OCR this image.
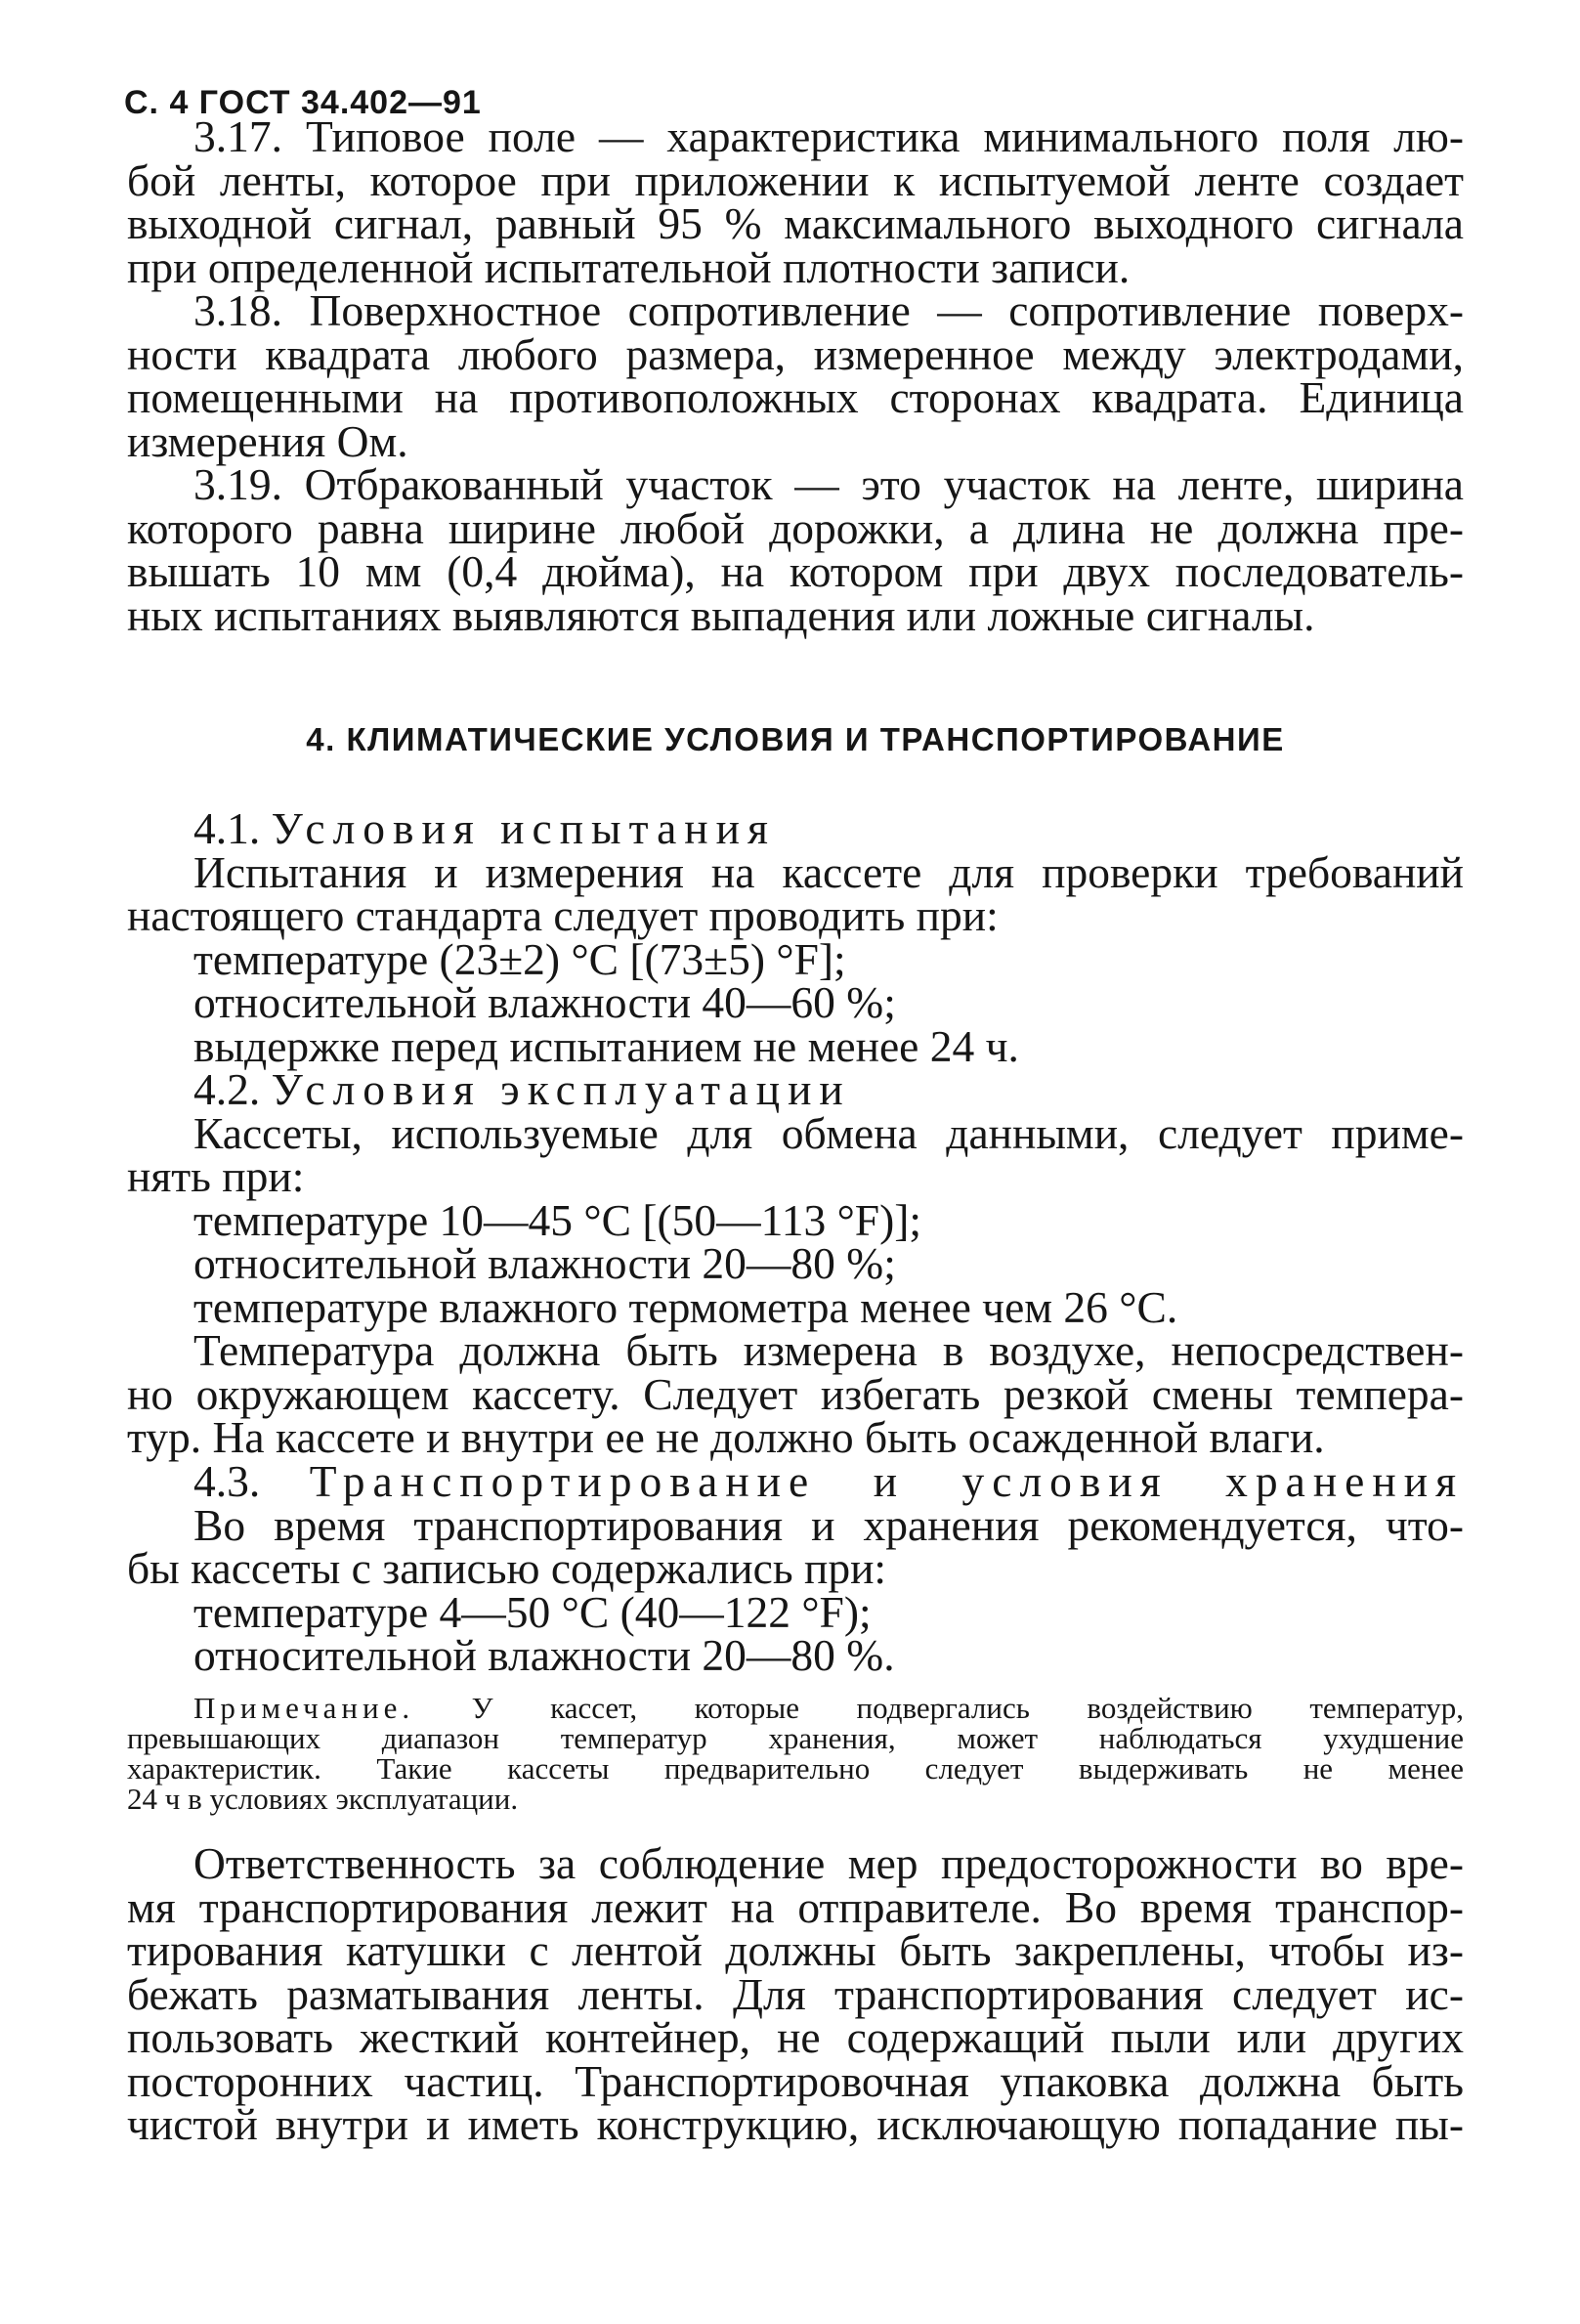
С. 4 ГОСТ 34.402—91
3.17. Типовое поле — характеристика минимального поля лю-
бой ленты, которое при приложении к испытуемой ленте создает
выходной сигнал, равный 95 % максимального выходного сигнала
при определенной испытательной плотности записи.
3.18. Поверхностное сопротивление — сопротивление поверх-
ности квадрата любого размера, измеренное между электродами,
помещенными на противоположных сторонах квадрата. Единица
измерения Ом.
3.19. Отбракованный участок — это участок на ленте, ширина
которого равна ширине любой дорожки, а длина не должна пре-
вышать 10 мм (0,4 дюйма), на котором при двух последователь-
ных испытаниях выявляются выпадения или ложные сигналы.
4. КЛИМАТИЧЕСКИЕ УСЛОВИЯ И ТРАНСПОРТИРОВАНИЕ
4.1. Условия испытания
Испытания и измерения на кассете для проверки требований
настоящего стандарта следует проводить при:
температуре (23±2) °С [(73±5) °F];
относительной влажности 40—60 %;
выдержке перед испытанием не менее 24 ч.
4.2. Условия эксплуатации
Кассеты, используемые для обмена данными, следует приме-
нять при:
температуре 10—45 °С [(50—113 °F)];
относительной влажности 20—80 %;
температуре влажного термометра менее чем 26 °С.
Температура должна быть измерена в воздухе, непосредствен-
но окружающем кассету. Следует избегать резкой смены темпера-
тур. На кассете и внутри ее не должно быть осажденной влаги.
4.3. Транспортирование и условия хранения
Во время транспортирования и хранения рекомендуется, что-
бы кассеты с записью содержались при:
температуре 4—50 °С (40—122 °F);
относительной влажности 20—80 %.
Примечание. У кассет, которые подвергались воздействию температур,
превышающих диапазон температур хранения, может наблюдаться ухудшение
характеристик. Такие кассеты предварительно следует выдерживать не менее
24 ч в условиях эксплуатации.
Ответственность за соблюдение мер предосторожности во вре-
мя транспортирования лежит на отправителе. Во время транспор-
тирования катушки с лентой должны быть закреплены, чтобы из-
бежать разматывания ленты. Для транспортирования следует ис-
пользовать жесткий контейнер, не содержащий пыли или других
посторонних частиц. Транспортировочная упаковка должна быть
чистой внутри и иметь конструкцию, исключающую попадание пы-
